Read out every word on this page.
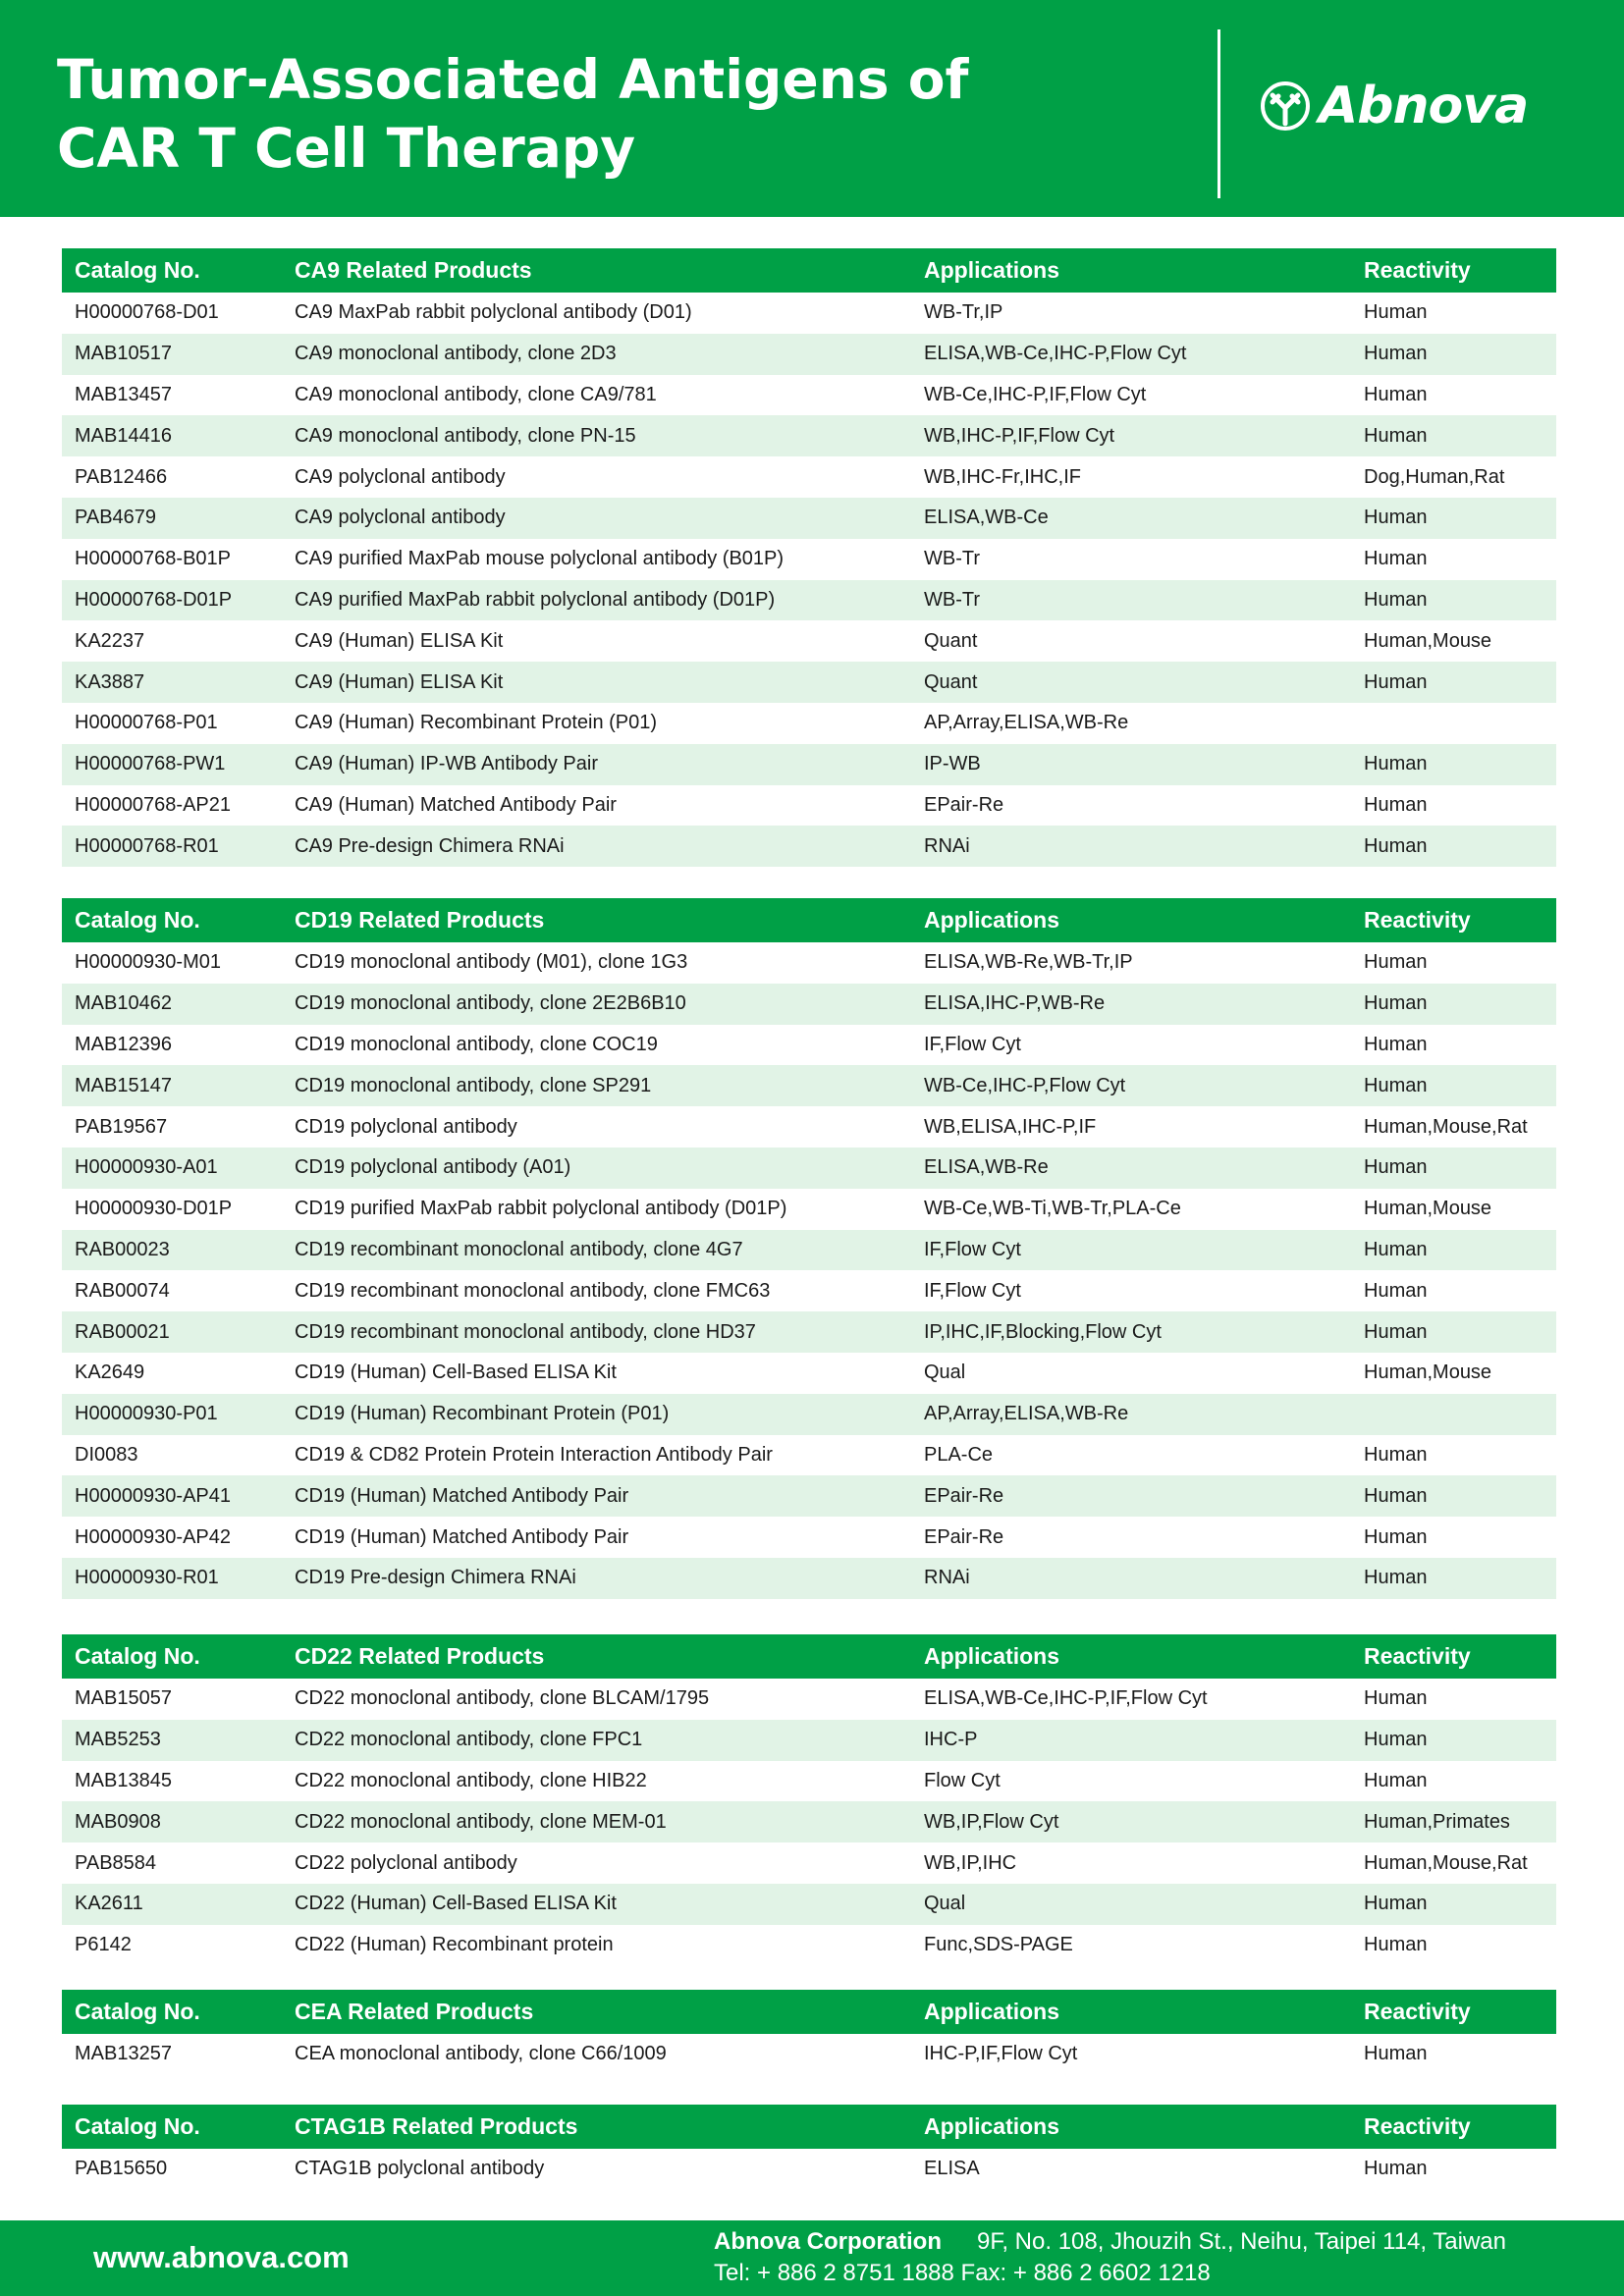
Tumor-Associated Antigens of
CAR T Cell Therapy
Abnova
Catalog No.	CA9 Related Products	Applications	Reactivity
H00000768-D01	CA9 MaxPab rabbit polyclonal antibody (D01)	WB-Tr,IP	Human
MAB10517	CA9 monoclonal antibody, clone 2D3	ELISA,WB-Ce,IHC-P,Flow Cyt	Human
MAB13457	CA9 monoclonal antibody, clone CA9/781	WB-Ce,IHC-P,IF,Flow Cyt	Human
MAB14416	CA9 monoclonal antibody, clone PN-15	WB,IHC-P,IF,Flow Cyt	Human
PAB12466	CA9 polyclonal antibody	WB,IHC-Fr,IHC,IF	Dog,Human,Rat
PAB4679	CA9 polyclonal antibody	ELISA,WB-Ce	Human
H00000768-B01P	CA9 purified MaxPab mouse polyclonal antibody (B01P)	WB-Tr	Human
H00000768-D01P	CA9 purified MaxPab rabbit polyclonal antibody (D01P)	WB-Tr	Human
KA2237	CA9 (Human) ELISA Kit	Quant	Human,Mouse
KA3887	CA9 (Human) ELISA Kit	Quant	Human
H00000768-P01	CA9 (Human) Recombinant Protein (P01)	AP,Array,ELISA,WB-Re
H00000768-PW1	CA9 (Human) IP-WB Antibody Pair	IP-WB	Human
H00000768-AP21	CA9 (Human) Matched Antibody Pair	EPair-Re	Human
H00000768-R01	CA9 Pre-design Chimera RNAi	RNAi	Human
Catalog No.	CD19 Related Products	Applications	Reactivity
H00000930-M01	CD19 monoclonal antibody (M01), clone 1G3	ELISA,WB-Re,WB-Tr,IP	Human
MAB10462	CD19 monoclonal antibody, clone 2E2B6B10	ELISA,IHC-P,WB-Re	Human
MAB12396	CD19 monoclonal antibody, clone COC19	IF,Flow Cyt	Human
MAB15147	CD19 monoclonal antibody, clone SP291	WB-Ce,IHC-P,Flow Cyt	Human
PAB19567	CD19 polyclonal antibody	WB,ELISA,IHC-P,IF	Human,Mouse,Rat
H00000930-A01	CD19 polyclonal antibody (A01)	ELISA,WB-Re	Human
H00000930-D01P	CD19 purified MaxPab rabbit polyclonal antibody (D01P)	WB-Ce,WB-Ti,WB-Tr,PLA-Ce	Human,Mouse
RAB00023	CD19 recombinant monoclonal antibody, clone 4G7	IF,Flow Cyt	Human
RAB00074	CD19 recombinant monoclonal antibody, clone FMC63	IF,Flow Cyt	Human
RAB00021	CD19 recombinant monoclonal antibody, clone HD37	IP,IHC,IF,Blocking,Flow Cyt	Human
KA2649	CD19 (Human) Cell-Based ELISA Kit	Qual	Human,Mouse
H00000930-P01	CD19 (Human) Recombinant Protein (P01)	AP,Array,ELISA,WB-Re
DI0083	CD19 & CD82 Protein Protein Interaction Antibody Pair	PLA-Ce	Human
H00000930-AP41	CD19 (Human) Matched Antibody Pair	EPair-Re	Human
H00000930-AP42	CD19 (Human) Matched Antibody Pair	EPair-Re	Human
H00000930-R01	CD19 Pre-design Chimera RNAi	RNAi	Human
Catalog No.	CD22 Related Products	Applications	Reactivity
MAB15057	CD22 monoclonal antibody, clone BLCAM/1795	ELISA,WB-Ce,IHC-P,IF,Flow Cyt	Human
MAB5253	CD22 monoclonal antibody, clone FPC1	IHC-P	Human
MAB13845	CD22 monoclonal antibody, clone HIB22	Flow Cyt	Human
MAB0908	CD22 monoclonal antibody, clone MEM-01	WB,IP,Flow Cyt	Human,Primates
PAB8584	CD22 polyclonal antibody	WB,IP,IHC	Human,Mouse,Rat
KA2611	CD22 (Human) Cell-Based ELISA Kit	Qual	Human
P6142	CD22 (Human) Recombinant protein	Func,SDS-PAGE	Human
Catalog No.	CEA Related Products	Applications	Reactivity
MAB13257	CEA monoclonal antibody, clone C66/1009	IHC-P,IF,Flow Cyt	Human
Catalog No.	CTAG1B Related Products	Applications	Reactivity
PAB15650	CTAG1B polyclonal antibody	ELISA	Human
www.abnova.com	Abnova Corporation 9F, No. 108, Jhouzih St., Neihu, Taipei 114, Taiwan
Tel: + 886 2 8751 1888 Fax: + 886 2 6602 1218
